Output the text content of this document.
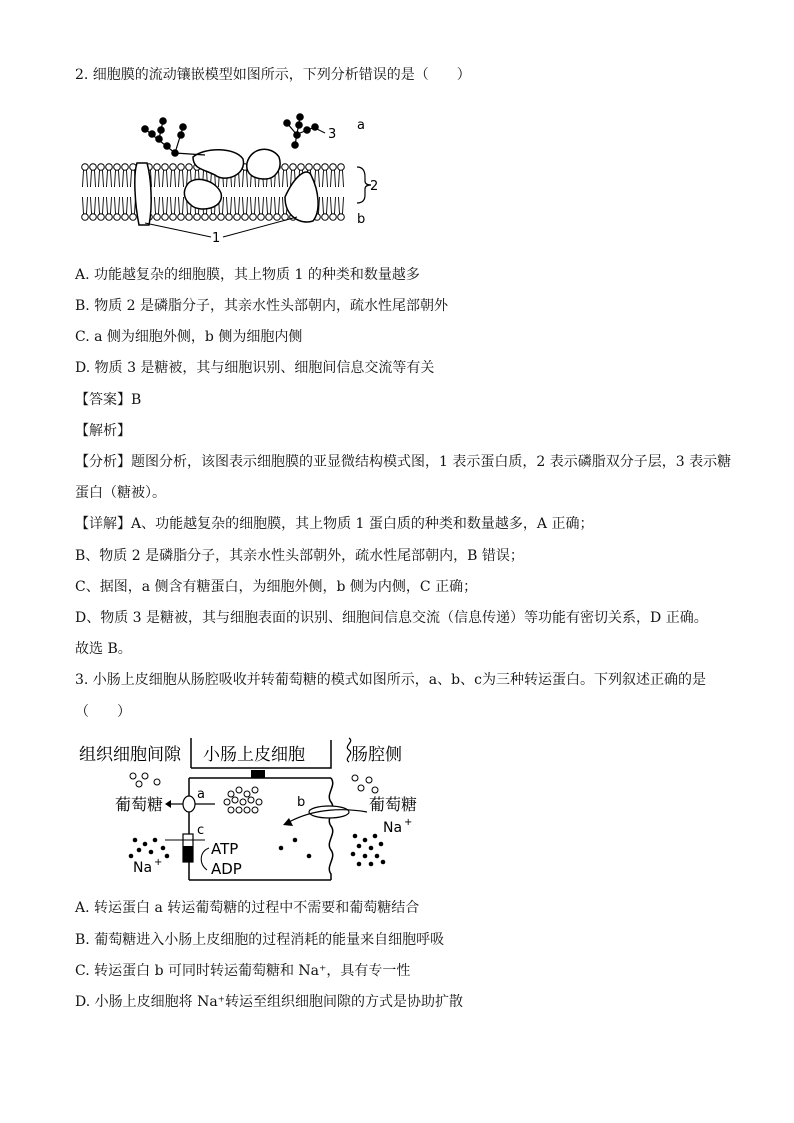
2. 细胞膜的流动镶嵌模型如图所示，下列分析错误的是（　　）
3
a
2
b
1
A. 功能越复杂的细胞膜，其上物质 1 的种类和数量越多
B. 物质 2 是磷脂分子，其亲水性头部朝内，疏水性尾部朝外
C. a 侧为细胞外侧，b 侧为细胞内侧
D. 物质 3 是糖被，其与细胞识别、细胞间信息交流等有关
【答案】B
【解析】
【分析】题图分析，该图表示细胞膜的亚显微结构模式图，1 表示蛋白质，2 表示磷脂双分子层，3 表示糖
蛋白（糖被）。
【详解】A、功能越复杂的细胞膜，其上物质 1 蛋白质的种类和数量越多，A 正确；
B、物质 2 是磷脂分子，其亲水性头部朝外，疏水性尾部朝内，B 错误；
C、据图，a 侧含有糖蛋白，为细胞外侧，b 侧为内侧，C 正确；
D、物质 3 是糖被，其与细胞表面的识别、细胞间信息交流（信息传递）等功能有密切关系，D 正确。
故选 B。
3. 小肠上皮细胞从肠腔吸收并转葡萄糖的模式如图所示，a、b、c为三种转运蛋白。下列叙述正确的是
（　　）
组织细胞间隙 小肠上皮细胞	肠腔侧
葡萄糖	葡萄糖
a
b
Na +
c
ATP
ADP
Na +
A. 转运蛋白 a 转运葡萄糖的过程中不需要和葡萄糖结合
B. 葡萄糖进入小肠上皮细胞的过程消耗的能量来自细胞呼吸
C. 转运蛋白 b 可同时转运葡萄糖和 Na⁺，具有专一性
D. 小肠上皮细胞将 Na⁺转运至组织细胞间隙的方式是协助扩散
